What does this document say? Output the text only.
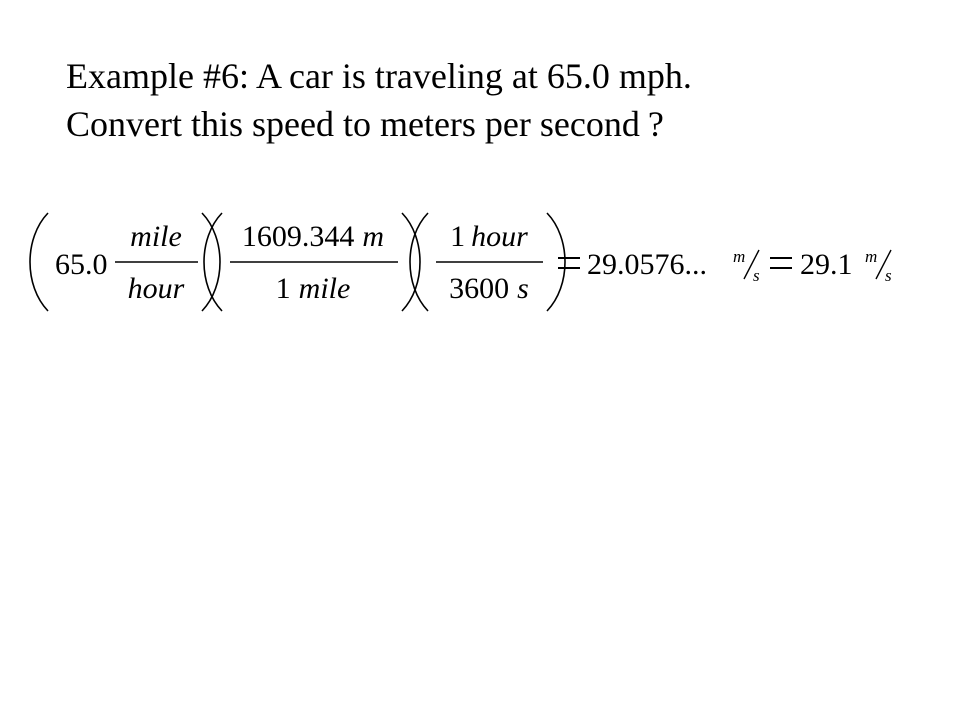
Example #6: A car is traveling at 65.0 mph.
Convert this speed to meters per second ?
65.0
mile
hour
1609.344 m
1 mile
1 hour
3600 s
29.0576... m
s 29.1 m
s
